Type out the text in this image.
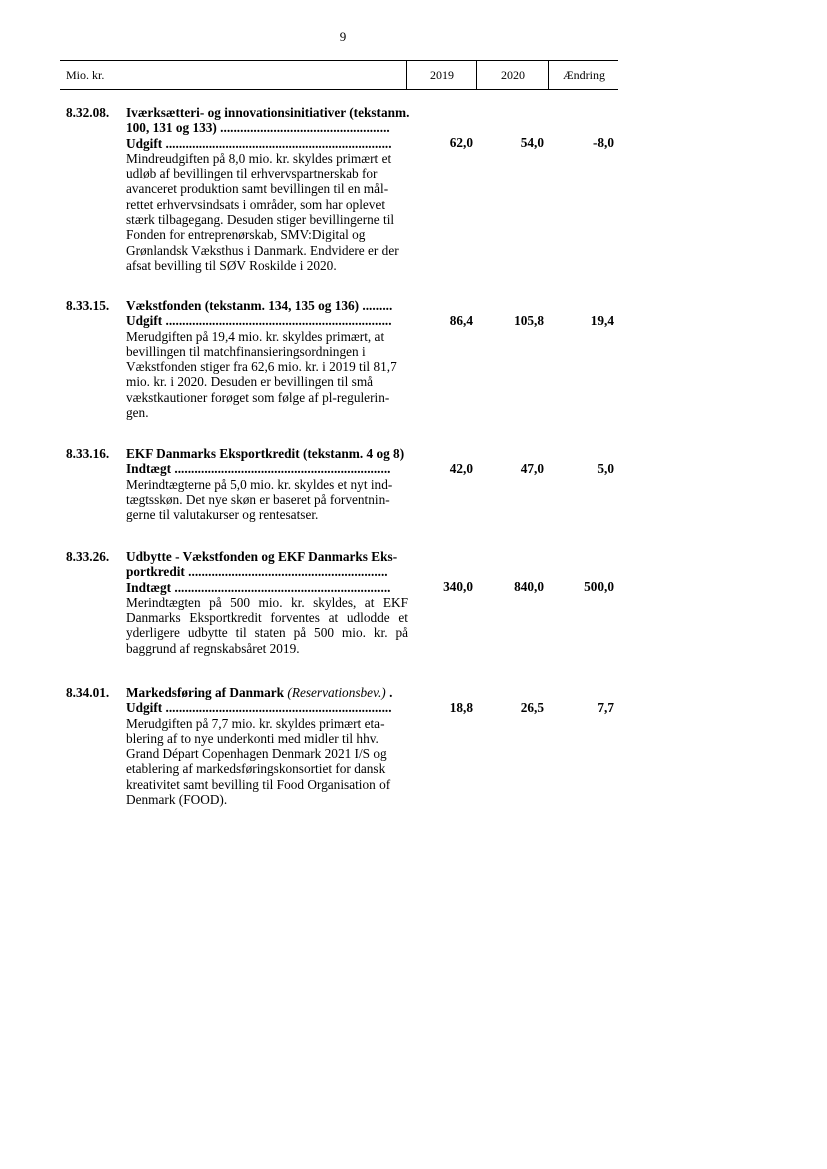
9
Mio. kr.	2019	2020	Ændring
8.32.08. Iværksætteri- og innovationsinitiativer (tekstanm. 100, 131 og 133) ...................................................
Udgift ....................................................................
Mindreudgiften på 8,0 mio. kr. skyldes primært et udløb af bevillingen til erhvervspartnerskab for avanceret produktion samt bevillingen til en mål-rettet erhvervsindsats i områder, som har oplevet stærk tilbagegang. Desuden stiger bevillingerne til Fonden for entreprenørskab, SMV:Digital og Grønlandsk Væksthus i Danmark. Endvidere er der afsat bevilling til SØV Roskilde i 2020.
62,0	54,0	-8,0
8.33.15. Vækstfonden (tekstanm. 134, 135 og 136) .........
Udgift ....................................................................
Merudgiften på 19,4 mio. kr. skyldes primært, at bevillingen til matchfinansieringsordningen i Vækstfonden stiger fra 62,6 mio. kr. i 2019 til 81,7 mio. kr. i 2020. Desuden er bevillingen til små vækstkautioner forøget som følge af pl-regulerin-gen.
86,4	105,8	19,4
8.33.16. EKF Danmarks Eksportkredit (tekstanm. 4 og 8)
Indtægt .................................................................
Merindtægterne på 5,0 mio. kr. skyldes et nyt ind-tægtsskøn. Det nye skøn er baseret på forventnin-gerne til valutakurser og rentesatser.
42,0	47,0	5,0
8.33.26. Udbytte - Vækstfonden og EKF Danmarks Eks-portkredit ............................................................
Indtægt .................................................................
Merindtægten på 500 mio. kr. skyldes, at EKF Danmarks Eksportkredit forventes at udlodde et yderligere udbytte til staten på 500 mio. kr. på baggrund af regnskabsåret 2019.
340,0	840,0	500,0
8.34.01. Markedsføring af Danmark (Reservationsbev.) .
Udgift ....................................................................
Merudgiften på 7,7 mio. kr. skyldes primært eta-blering af to nye underkonti med midler til hhv. Grand Départ Copenhagen Denmark 2021 I/S og etablering af markedsføringskonsortiet for dansk kreativitet samt bevilling til Food Organisation of Denmark (FOOD).
18,8	26,5	7,7
